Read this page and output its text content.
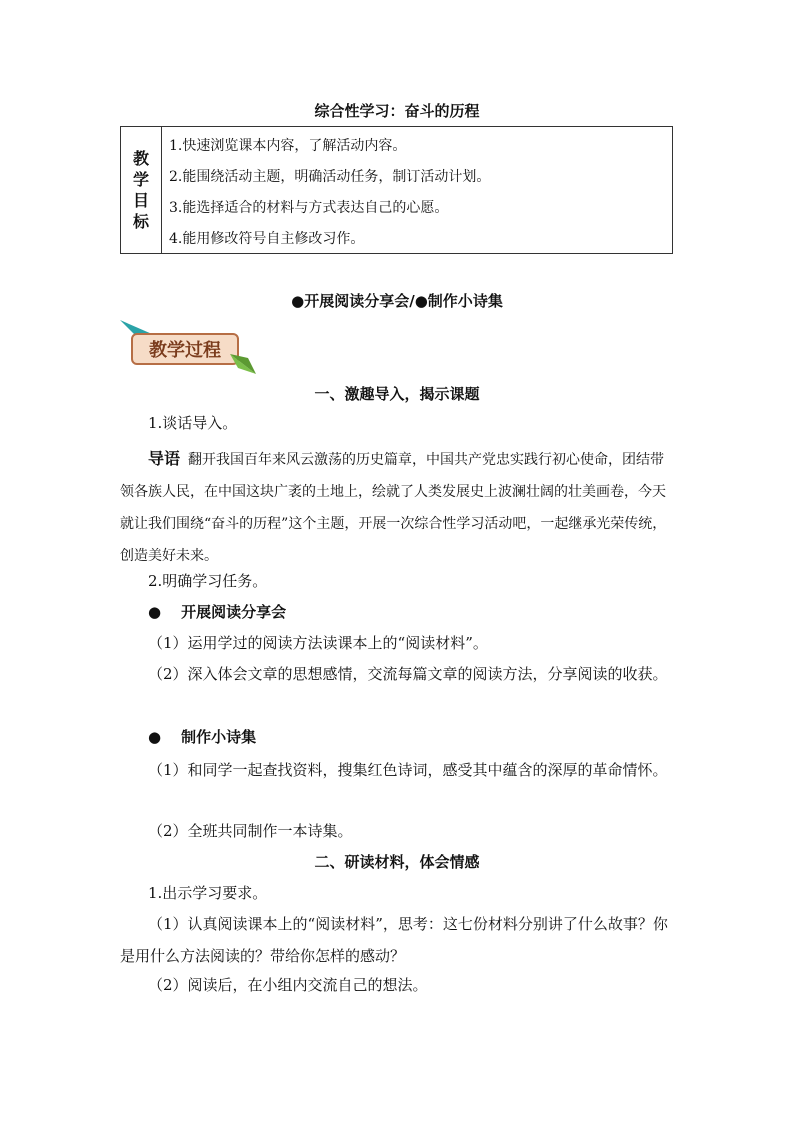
综合性学习：奋斗的历程
教
学
目
标
1.快速浏览课本内容，了解活动内容。
2.能围绕活动主题，明确活动任务，制订活动计划。
3.能选择适合的材料与方式表达自己的心愿。
4.能用修改符号自主修改习作。
●开展阅读分享会/●制作小诗集
教学过程
一、激趣导入，揭示课题
1.谈话导入。
导语 翻开我国百年来风云激荡的历史篇章，中国共产党忠实践行初心使命，团结带领各族人民，在中国这块广袤的土地上，绘就了人类发展史上波澜壮阔的壮美画卷，今天就让我们围绕“奋斗的历程”这个主题，开展一次综合性学习活动吧，一起继承光荣传统，创造美好未来。
2.明确学习任务。
● 开展阅读分享会
（1）运用学过的阅读方法读课本上的“阅读材料”。
（2）深入体会文章的思想感情，交流每篇文章的阅读方法，分享阅读的收获。
● 制作小诗集
（1）和同学一起查找资料，搜集红色诗词，感受其中蕴含的深厚的革命情怀。
（2）全班共同制作一本诗集。
二、研读材料，体会情感
1.出示学习要求。
（1）认真阅读课本上的“阅读材料”，思考：这七份材料分别讲了什么故事？你是用什么方法阅读的？带给你怎样的感动？
（2）阅读后，在小组内交流自己的想法。
